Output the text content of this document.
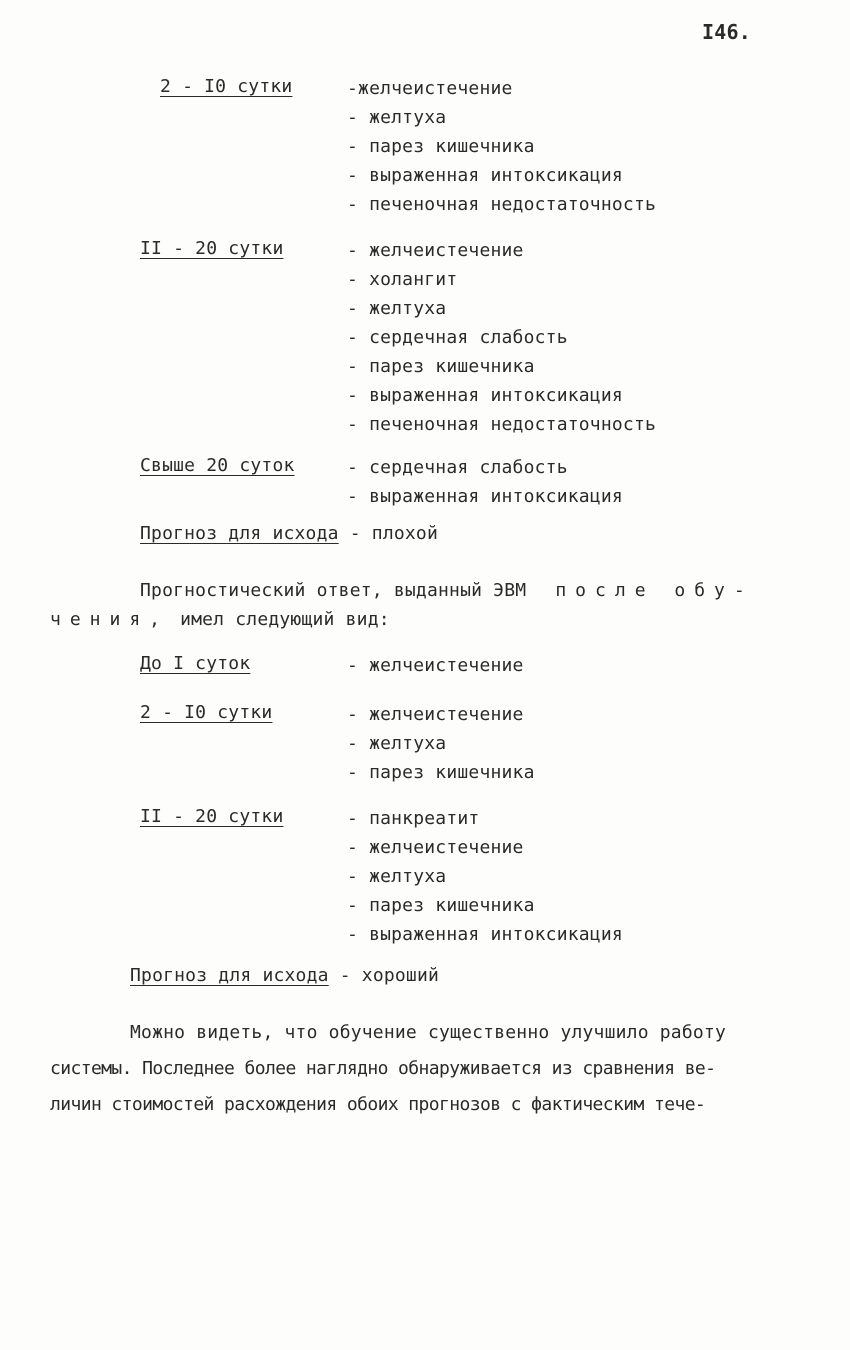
I46.
2 - I0 сутки	-желчеистечение
- желтуха
- парез кишечника
- выраженная интоксикация
- печеночная недостаточность
II - 20 сутки	- желчеистечение
- холангит
- желтуха
- сердечная слабость
- парез кишечника
- выраженная интоксикация
- печеночная недостаточность
Свыше 20 суток	- сердечная слабость
- выраженная интоксикация
Прогноз для исхода - плохой
Прогностический ответ, выданный ЭВМ после обу-
чения, имел следующий вид:
До I суток	- желчеистечение
2 - I0 сутки	- желчеистечение
- желтуха
- парез кишечника
II - 20 сутки	- панкреатит
- желчеистечение
- желтуха
- парез кишечника
- выраженная интоксикация
Прогноз для исхода - хороший
Можно видеть, что обучение существенно улучшило работу
системы. Последнее более наглядно обнаруживается из сравнения ве-
личин стоимостей расхождения обоих прогнозов с фактическим тече-
